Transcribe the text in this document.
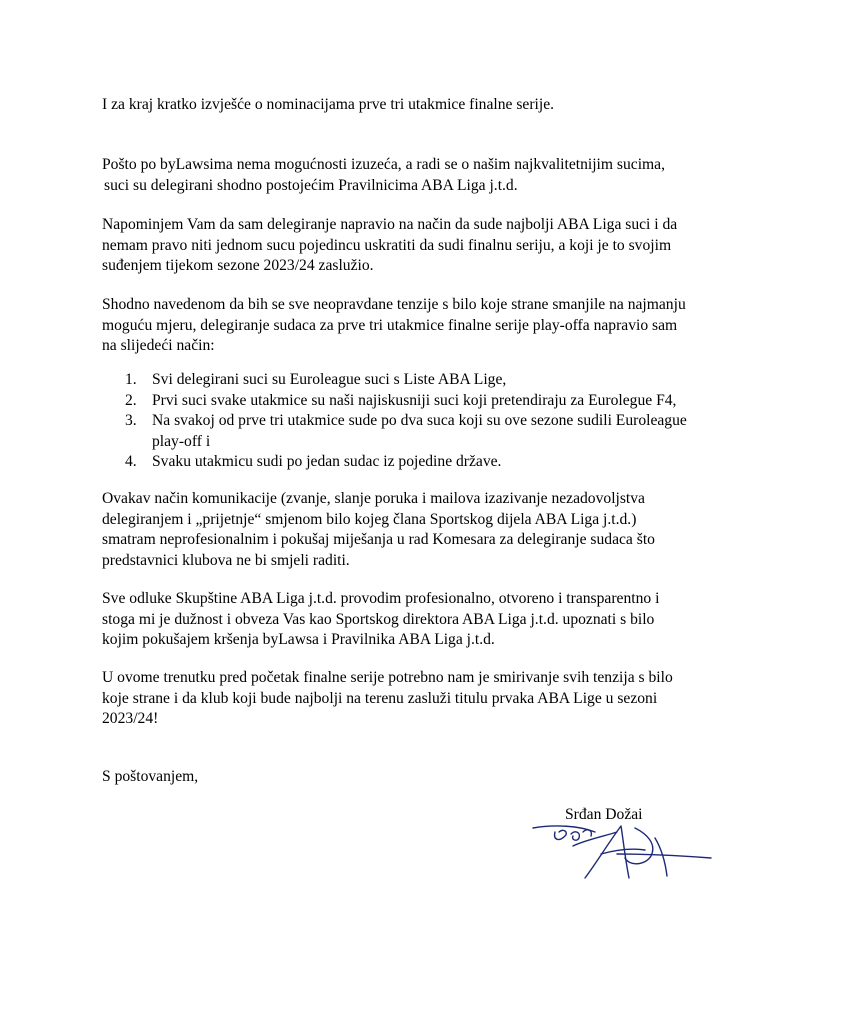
I za kraj kratko izvješće o nominacijama prve tri utakmice finalne serije.

Pošto po byLawsima nema mogućnosti izuzeća, a radi se o našim najkvalitetnijim sucima,
suci su delegirani shodno postojećim Pravilnicima ABA Liga j.t.d.

Napominjem Vam da sam delegiranje napravio na način da sude najbolji ABA Liga suci i da
nemam pravo niti jednom sucu pojedincu uskratiti da sudi finalnu seriju, a koji je to svojim
suđenjem tijekom sezone 2023/24 zaslužio.

Shodno navedenom da bih se sve neopravdane tenzije s bilo koje strane smanjile na najmanju
moguću mjeru, delegiranje sudaca za prve tri utakmice finalne serije play-offa napravio sam
na slijedeći način:

1. Svi delegirani suci su Euroleague suci s Liste ABA Lige,
2. Prvi suci svake utakmice su naši najiskusniji suci koji pretendiraju za Eurolegue F4,
3. Na svakoj od prve tri utakmice sude po dva suca koji su ove sezone sudili Euroleague
play-off i
4. Svaku utakmicu sudi po jedan sudac iz pojedine države.

Ovakav način komunikacije (zvanje, slanje poruka i mailova izazivanje nezadovoljstva
delegiranjem i „prijetnje“ smjenom bilo kojeg člana Sportskog dijela ABA Liga j.t.d.)
smatram neprofesionalnim i pokušaj miješanja u rad Komesara za delegiranje sudaca što
predstavnici klubova ne bi smjeli raditi.

Sve odluke Skupštine ABA Liga j.t.d. provodim profesionalno, otvoreno i transparentno i
stoga mi je dužnost i obveza Vas kao Sportskog direktora ABA Liga j.t.d. upoznati s bilo
kojim pokušajem kršenja byLawsa i Pravilnika ABA Liga j.t.d.

U ovome trenutku pred početak finalne serije potrebno nam je smirivanje svih tenzija s bilo
koje strane i da klub koji bude najbolji na terenu zasluži titulu prvaka ABA Lige u sezoni
2023/24!

S poštovanjem,

Srđan Dožai
